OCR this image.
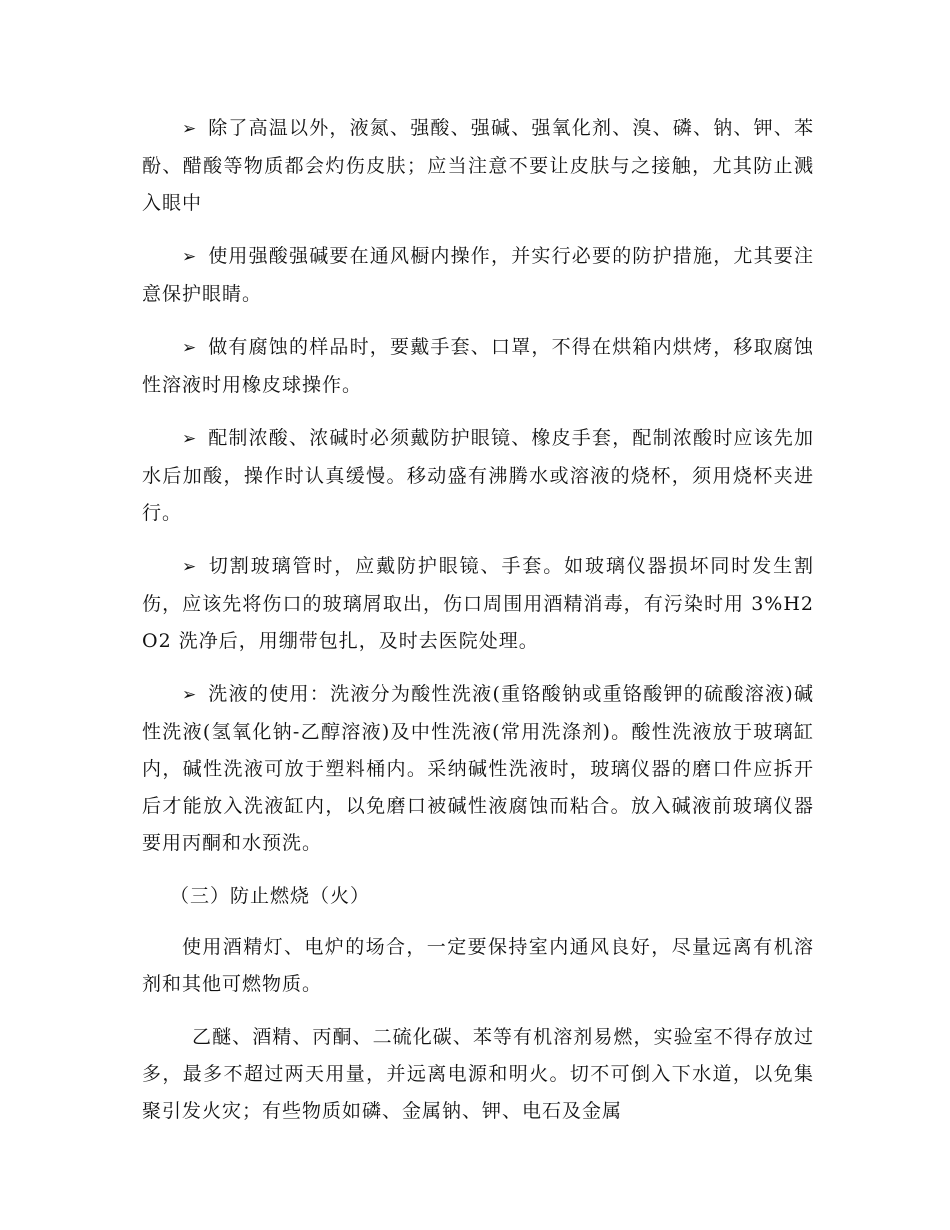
➢ 除了高温以外，液氮、强酸、强碱、强氧化剂、溴、磷、钠、钾、苯酚、醋酸等物质都会灼伤皮肤；应当注意不要让皮肤与之接触，尤其防止溅入眼中

➢ 使用强酸强碱要在通风橱内操作，并实行必要的防护措施，尤其要注意保护眼睛。

➢ 做有腐蚀的样品时，要戴手套、口罩，不得在烘箱内烘烤，移取腐蚀性溶液时用橡皮球操作。

➢ 配制浓酸、浓碱时必须戴防护眼镜、橡皮手套，配制浓酸时应该先加水后加酸，操作时认真缓慢。移动盛有沸腾水或溶液的烧杯，须用烧杯夹进行。

➢ 切割玻璃管时，应戴防护眼镜、手套。如玻璃仪器损坏同时发生割伤，应该先将伤口的玻璃屑取出，伤口周围用酒精消毒，有污染时用 3%H2O2 洗净后，用绷带包扎，及时去医院处理。

➢ 洗液的使用：洗液分为酸性洗液(重铬酸钠或重铬酸钾的硫酸溶液)碱性洗液(氢氧化钠-乙醇溶液)及中性洗液(常用洗涤剂)。酸性洗液放于玻璃缸内，碱性洗液可放于塑料桶内。采纳碱性洗液时，玻璃仪器的磨口件应拆开后才能放入洗液缸内，以免磨口被碱性液腐蚀而粘合。放入碱液前玻璃仪器要用丙酮和水预洗。

（三）防止燃烧（火）

使用酒精灯、电炉的场合，一定要保持室内通风良好，尽量远离有机溶剂和其他可燃物质。

乙醚、酒精、丙酮、二硫化碳、苯等有机溶剂易燃，实验室不得存放过多，最多不超过两天用量，并远离电源和明火。切不可倒入下水道，以免集聚引发火灾；有些物质如磷、金属钠、钾、电石及金属
